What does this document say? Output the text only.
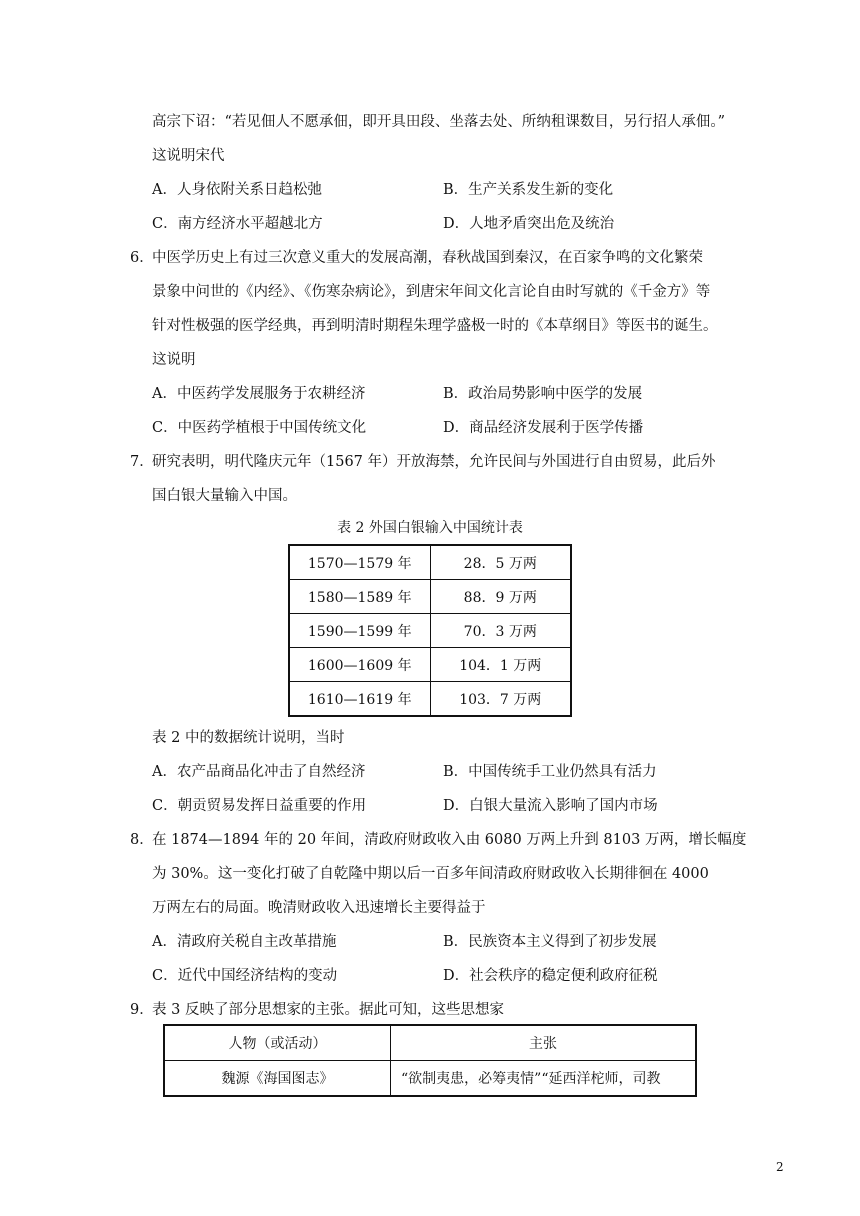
高宗下诏：“若见佃人不愿承佃，即开具田段、坐落去处、所纳租课数目，另行招人承佃。”
这说明宋代
A．人身依附关系日趋松弛	B．生产关系发生新的变化
C．南方经济水平超越北方	D．人地矛盾突出危及统治
6．
中医学历史上有过三次意义重大的发展高潮，春秋战国到秦汉，在百家争鸣的文化繁荣
景象中问世的《内经》、《伤寒杂病论》，到唐宋年间文化言论自由时写就的《千金方》等
针对性极强的医学经典，再到明清时期程朱理学盛极一时的《本草纲目》等医书的诞生。
这说明
A．中医药学发展服务于农耕经济	B．政治局势影响中医学的发展
C．中医药学植根于中国传统文化	D．商品经济发展利于医学传播
7．
研究表明，明代隆庆元年（1567 年）开放海禁，允许民间与外国进行自由贸易，此后外
国白银大量输入中国。
表 2 外国白银输入中国统计表
1570—1579 年	28．5 万两
1580—1589 年	88．9 万两
1590—1599 年	70．3 万两
1600—1609 年	104．1 万两
1610—1619 年	103．7 万两
表 2 中的数据统计说明，当时
A．农产品商品化冲击了自然经济	B．中国传统手工业仍然具有活力
C．朝贡贸易发挥日益重要的作用	D．白银大量流入影响了国内市场
8．
在 1874—1894 年的 20 年间，清政府财政收入由 6080 万两上升到 8103 万两，增长幅度
为 30%。这一变化打破了自乾隆中期以后一百多年间清政府财政收入长期徘徊在 4000
万两左右的局面。晚清财政收入迅速增长主要得益于
A．清政府关税自主改革措施	B．民族资本主义得到了初步发展
C．近代中国经济结构的变动	D．社会秩序的稳定便利政府征税
9．
表 3 反映了部分思想家的主张。据此可知，这些思想家
人物（或活动）	主张
魏源《海国图志》	“欲制夷患，必筹夷情”“延西洋柁师，司教
2
